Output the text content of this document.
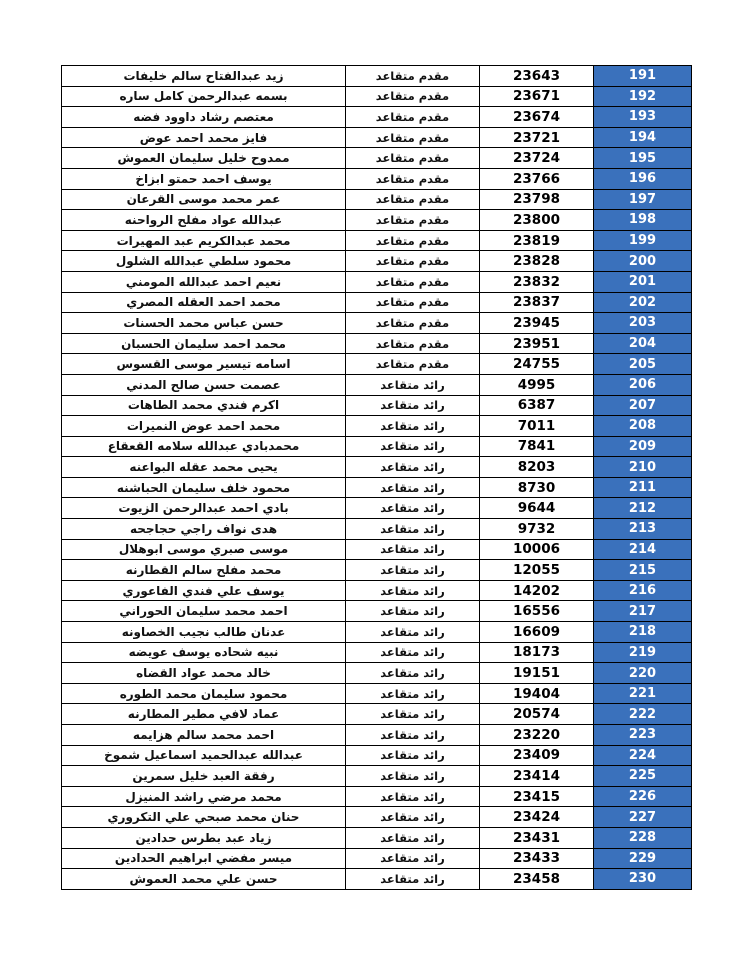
زيد عبدالفتاح سالم خليفات	مقدم متقاعد	23643	191
بسمه عبدالرحمن كامل ساره	مقدم متقاعد	23671	192
معتصم رشاد داوود فضه	مقدم متقاعد	23674	193
فايز محمد احمد عوض	مقدم متقاعد	23721	194
ممدوح خليل سليمان العموش	مقدم متقاعد	23724	195
يوسف احمد حمتو ابزاخ	مقدم متقاعد	23766	196
عمر محمد موسى القرعان	مقدم متقاعد	23798	197
عبدالله عواد مفلح الرواحنه	مقدم متقاعد	23800	198
محمد عبدالكريم عبد المهيرات	مقدم متقاعد	23819	199
محمود سلطي عبدالله الشلول	مقدم متقاعد	23828	200
نعيم احمد عبدالله المومني	مقدم متقاعد	23832	201
محمد احمد العقله المصري	مقدم متقاعد	23837	202
حسن عباس محمد الحسنات	مقدم متقاعد	23945	203
محمد احمد سليمان الحسبان	مقدم متقاعد	23951	204
اسامه تيسير موسى القسوس	مقدم متقاعد	24755	205
عصمت حسن صالح المدني	رائد متقاعد	4995	206
اكرم فندي محمد الطاهات	رائد متقاعد	6387	207
محمد احمد عوض النميرات	رائد متقاعد	7011	208
محمدبادي عبدالله سلامه القعقاع	رائد متقاعد	7841	209
يحيى محمد عقله البواعنه	رائد متقاعد	8203	210
محمود خلف سليمان الحباشنه	رائد متقاعد	8730	211
بادي احمد عبدالرحمن الزيوت	رائد متقاعد	9644	212
هدى نواف راجي حجاجحه	رائد متقاعد	9732	213
موسى صبري موسى ابوهلال	رائد متقاعد	10006	214
محمد مفلح سالم القطارنه	رائد متقاعد	12055	215
يوسف علي فندي الفاعوري	رائد متقاعد	14202	216
احمد محمد سليمان الحوراني	رائد متقاعد	16556	217
عدنان طالب نجيب الخصاونه	رائد متقاعد	16609	218
نبيه شحاده يوسف عويضه	رائد متقاعد	18173	219
خالد محمد عواد القضاه	رائد متقاعد	19151	220
محمود سليمان محمد الطوره	رائد متقاعد	19404	221
عماد لافي مطير المطارنه	رائد متقاعد	20574	222
احمد محمد سالم هزايمه	رائد متقاعد	23220	223
عبدالله عبدالحميد اسماعيل شموخ	رائد متقاعد	23409	224
رفقة العبد خليل سمرين	رائد متقاعد	23414	225
محمد مرضي راشد المنيزل	رائد متقاعد	23415	226
حنان محمد صبحي علي التكروري	رائد متقاعد	23424	227
زياد عبد بطرس حدادين	رائد متقاعد	23431	228
ميسر مفضي ابراهيم الحدادين	رائد متقاعد	23433	229
حسن علي محمد العموش	رائد متقاعد	23458	230
